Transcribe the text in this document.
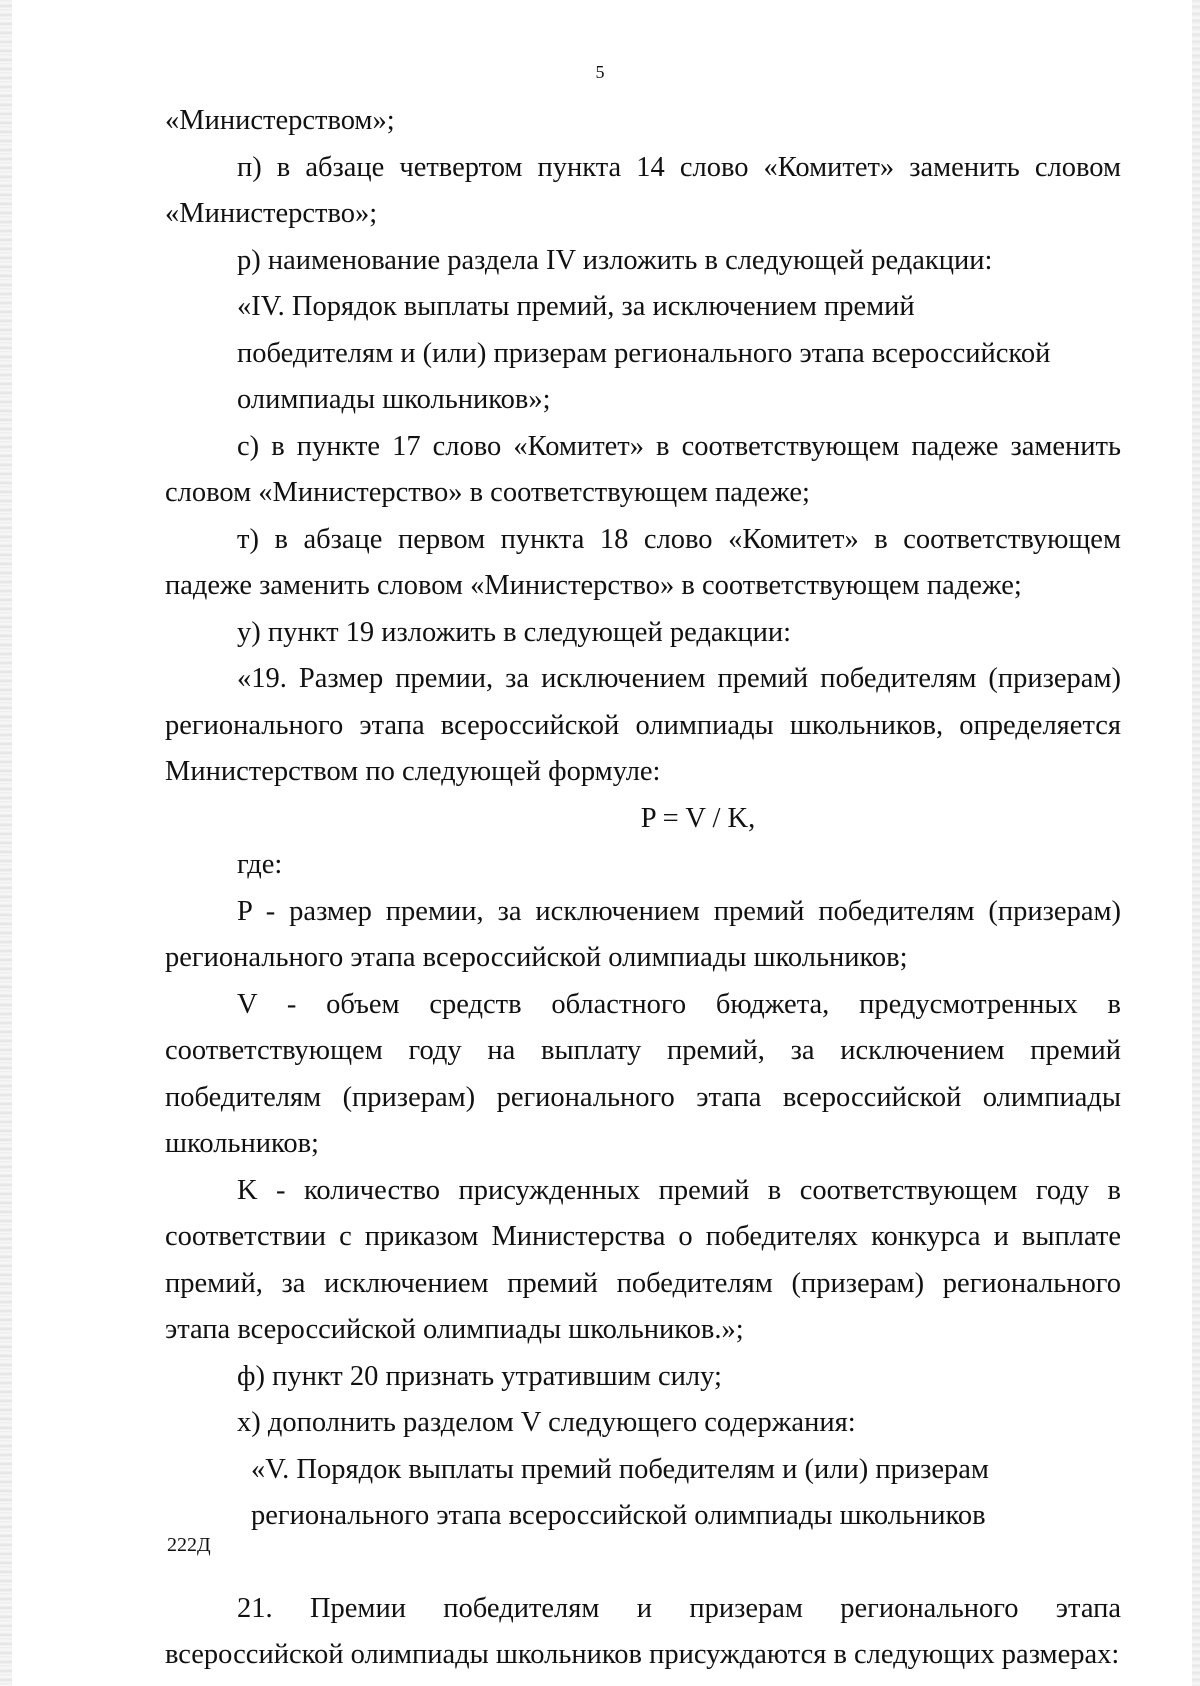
5

«Министерством»;

п) в абзаце четвертом пункта 14 слово «Комитет» заменить словом «Министерство»;

р) наименование раздела IV изложить в следующей редакции:

«IV. Порядок выплаты премий, за исключением премий

победителям и (или) призерам регионального этапа всероссийской

олимпиады школьников»;

с) в пункте 17 слово «Комитет» в соответствующем падеже заменить словом «Министерство» в соответствующем падеже;

т) в абзаце первом пункта 18 слово «Комитет» в соответствующем падеже заменить словом «Министерство» в соответствующем падеже;

у) пункт 19 изложить в следующей редакции:

«19. Размер премии, за исключением премий победителям (призерам) регионального этапа всероссийской олимпиады школьников, определяется Министерством по следующей формуле:

P = V / K,

где:

P - размер премии, за исключением премий победителям (призерам) регионального этапа всероссийской олимпиады школьников;

V - объем средств областного бюджета, предусмотренных в соответствующем году на выплату премий, за исключением премий победителям (призерам) регионального этапа всероссийской олимпиады школьников;

K - количество присужденных премий в соответствующем году в соответствии с приказом Министерства о победителях конкурса и выплате премий, за исключением премий победителям (призерам) регионального этапа всероссийской олимпиады школьников.»;

ф) пункт 20 признать утратившим силу;

х) дополнить разделом V следующего содержания:

«V. Порядок выплаты премий победителям и (или) призерам

регионального этапа всероссийской олимпиады школьников

21. Премии победителям и призерам регионального этапа всероссийской олимпиады школьников присуждаются в следующих размерах:

222Д
